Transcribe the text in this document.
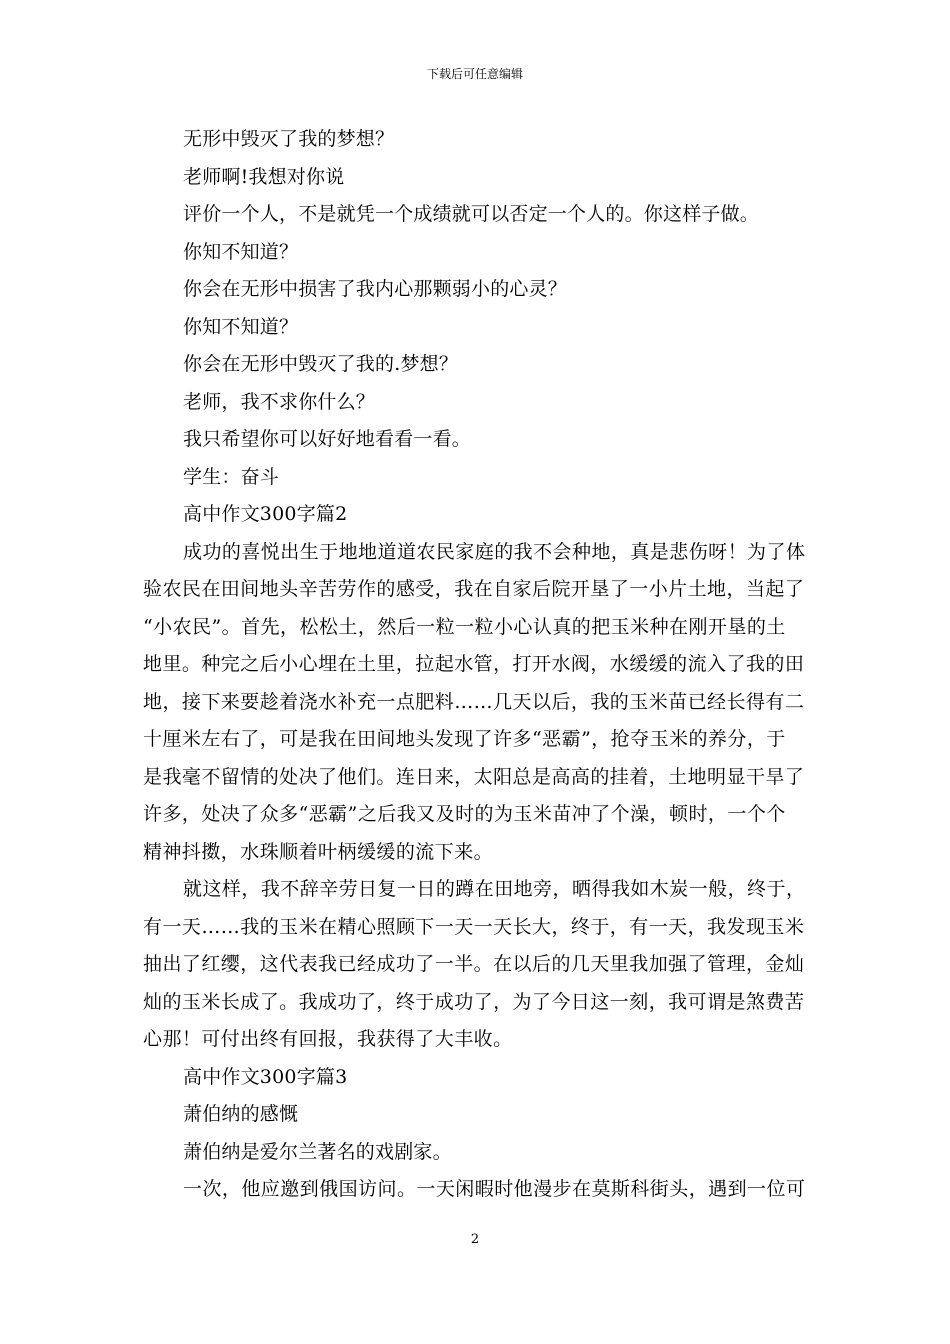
下载后可任意编辑
无形中毁灭了我的梦想？
老师啊!我想对你说
评价一个人，不是就凭一个成绩就可以否定一个人的。你这样子做。
你知不知道？
你会在无形中损害了我内心那颗弱小的心灵？
你知不知道？
你会在无形中毁灭了我的.梦想？
老师，我不求你什么？
我只希望你可以好好地看看一看。
学生：奋斗
高中作文300字篇2
成功的喜悦出生于地地道道农民家庭的我不会种地，真是悲伤呀！为了体
验农民在田间地头辛苦劳作的感受，我在自家后院开垦了一小片土地，当起了
“小农民”。首先，松松土，然后一粒一粒小心认真的把玉米种在刚开垦的土
地里。种完之后小心埋在土里，拉起水管，打开水阀，水缓缓的流入了我的田
地，接下来要趁着浇水补充一点肥料……几天以后，我的玉米苗已经长得有二
十厘米左右了，可是我在田间地头发现了许多“恶霸”，抢夺玉米的养分，于
是我毫不留情的处决了他们。连日来，太阳总是高高的挂着，土地明显干旱了
许多，处决了众多“恶霸”之后我又及时的为玉米苗冲了个澡，顿时，一个个
精神抖擞，水珠顺着叶柄缓缓的流下来。
就这样，我不辞辛劳日复一日的蹲在田地旁，晒得我如木炭一般，终于，
有一天……我的玉米在精心照顾下一天一天长大，终于，有一天，我发现玉米
抽出了红缨，这代表我已经成功了一半。在以后的几天里我加强了管理，金灿
灿的玉米长成了。我成功了，终于成功了，为了今日这一刻，我可谓是煞费苦
心那！可付出终有回报，我获得了大丰收。
高中作文300字篇3
萧伯纳的感慨
萧伯纳是爱尔兰著名的戏剧家。
一次，他应邀到俄国访问。一天闲暇时他漫步在莫斯科街头，遇到一位可
2
